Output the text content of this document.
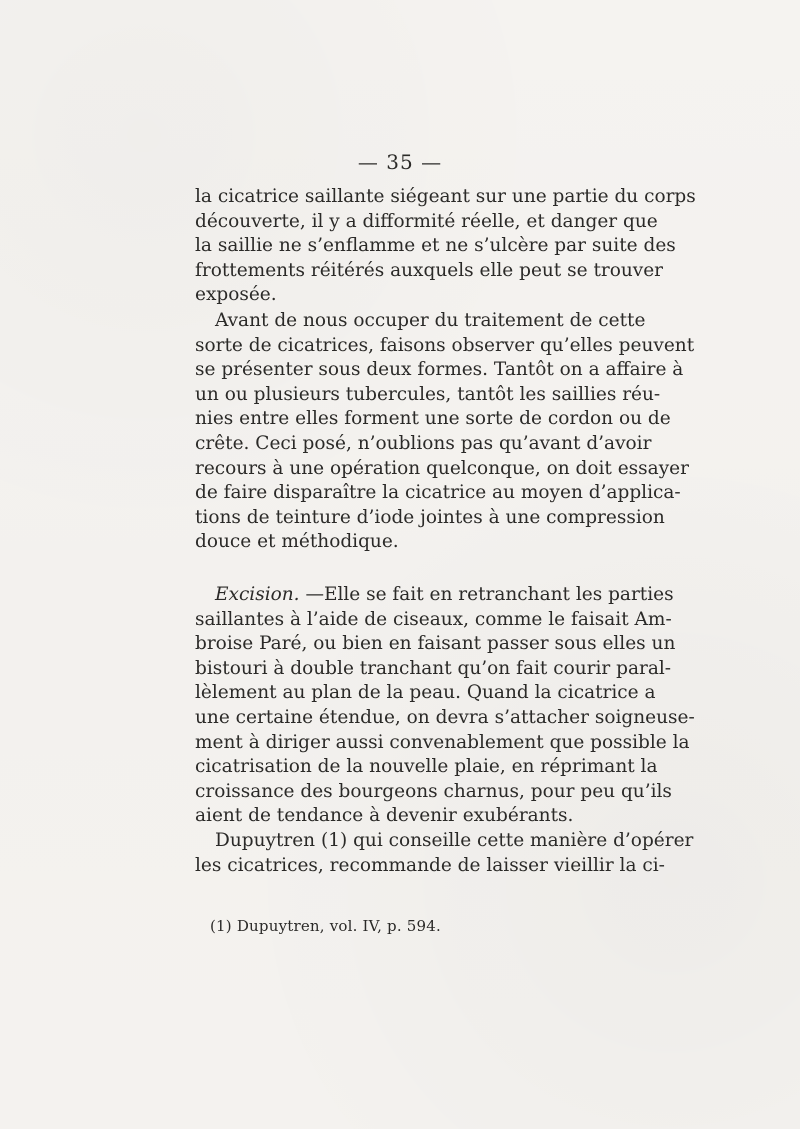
— 35 —
la cicatrice saillante siégeant sur une partie du corps
découverte, il y a difformité réelle, et danger que
la saillie ne s’enflamme et ne s’ulcère par suite des
frottements réitérés auxquels elle peut se trouver
exposée.
Avant de nous occuper du traitement de cette
sorte de cicatrices, faisons observer qu’elles peuvent
se présenter sous deux formes. Tantôt on a affaire à
un ou plusieurs tubercules, tantôt les saillies réu-
nies entre elles forment une sorte de cordon ou de
crête. Ceci posé, n’oublions pas qu’avant d’avoir
recours à une opération quelconque, on doit essayer
de faire disparaître la cicatrice au moyen d’applica-
tions de teinture d’iode jointes à une compression
douce et méthodique.
Excision. —Elle se fait en retranchant les parties
saillantes à l’aide de ciseaux, comme le faisait Am-
broise Paré, ou bien en faisant passer sous elles un
bistouri à double tranchant qu’on fait courir paral-
lèlement au plan de la peau. Quand la cicatrice a
une certaine étendue, on devra s’attacher soigneuse-
ment à diriger aussi convenablement que possible la
cicatrisation de la nouvelle plaie, en réprimant la
croissance des bourgeons charnus, pour peu qu’ils
aient de tendance à devenir exubérants.
Dupuytren (1) qui conseille cette manière d’opérer
les cicatrices, recommande de laisser vieillir la ci-
(1) Dupuytren, vol. IV, p. 594.
